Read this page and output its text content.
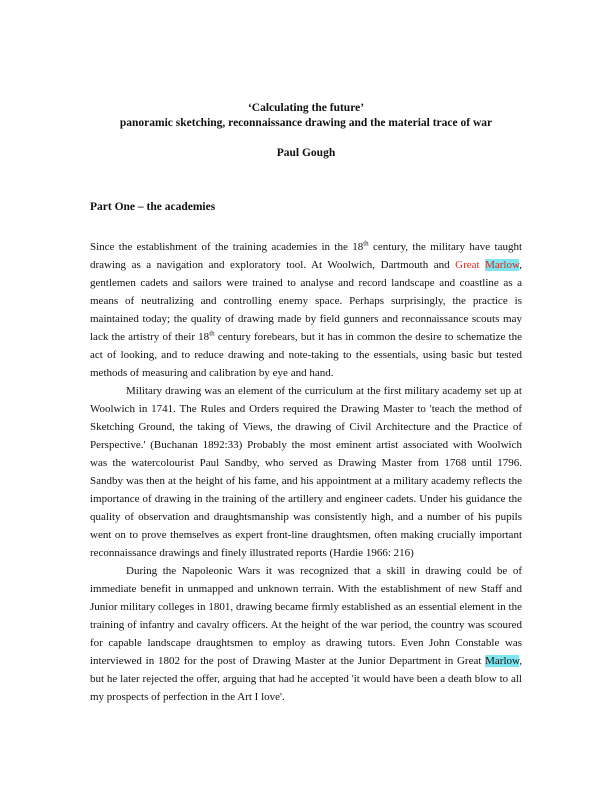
‘Calculating the future’
panoramic sketching, reconnaissance drawing and the material trace of war
Paul Gough
Part One – the academies
Since the establishment of the training academies in the 18th century, the military have taught
drawing as a navigation and exploratory tool. At Woolwich, Dartmouth and Great Marlow,
gentlemen cadets and sailors were trained to analyse and record landscape and coastline as a
means of neutralizing and controlling enemy space. Perhaps surprisingly, the practice is
maintained today; the quality of drawing made by field gunners and reconnaissance scouts may
lack the artistry of their 18th century forebears, but it has in common the desire to schematize the
act of looking, and to reduce drawing and note-taking to the essentials, using basic but tested
methods of measuring and calibration by eye and hand.
Military drawing was an element of the curriculum at the first military academy set up at
Woolwich in 1741. The Rules and Orders required the Drawing Master to 'teach the method of
Sketching Ground, the taking of Views, the drawing of Civil Architecture and the Practice of
Perspective.' (Buchanan 1892:33) Probably the most eminent artist associated with Woolwich
was the watercolourist Paul Sandby, who served as Drawing Master from 1768 until 1796.
Sandby was then at the height of his fame, and his appointment at a military academy reflects the
importance of drawing in the training of the artillery and engineer cadets. Under his guidance the
quality of observation and draughtsmanship was consistently high, and a number of his pupils
went on to prove themselves as expert front-line draughtsmen, often making crucially important
reconnaissance drawings and finely illustrated reports (Hardie 1966: 216)
During the Napoleonic Wars it was recognized that a skill in drawing could be of
immediate benefit in unmapped and unknown terrain. With the establishment of new Staff and
Junior military colleges in 1801, drawing became firmly established as an essential element in the
training of infantry and cavalry officers. At the height of the war period, the country was scoured
for capable landscape draughtsmen to employ as drawing tutors. Even John Constable was
interviewed in 1802 for the post of Drawing Master at the Junior Department in Great Marlow,
but he later rejected the offer, arguing that had he accepted 'it would have been a death blow to all
my prospects of perfection in the Art I love'.
